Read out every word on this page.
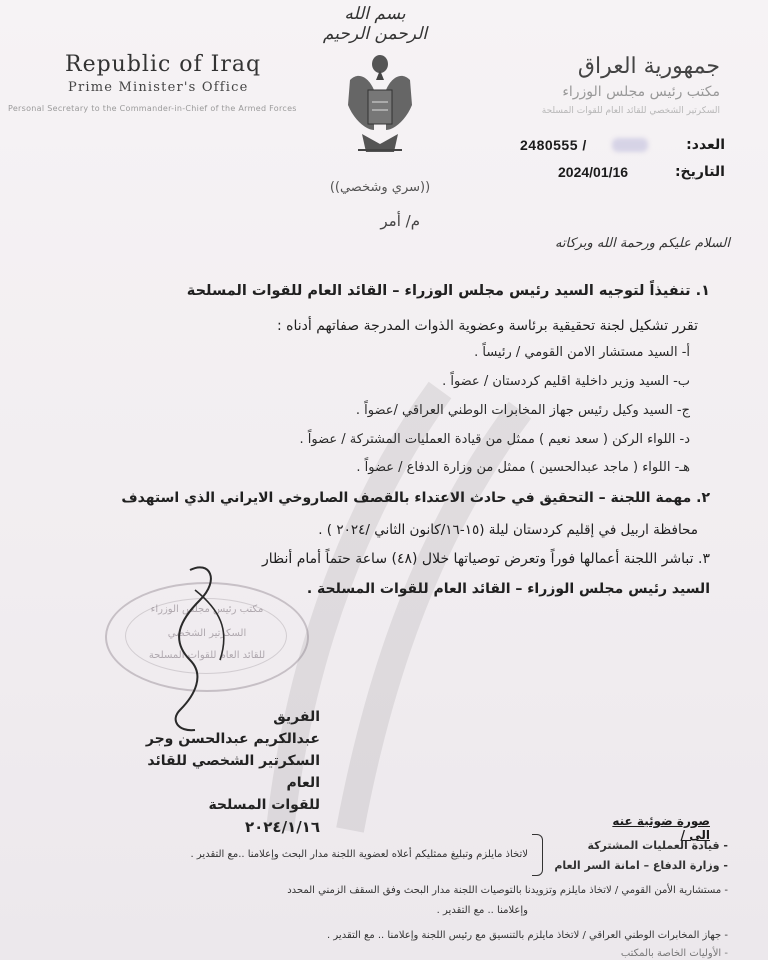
بسم الله الرحمن الرحيم
Republic of Iraq
Prime Minister's Office
Personal Secretary to the Commander-in-Chief of the Armed Forces
جمهورية العراق
مكتب رئيس مجلس الوزراء
السكرتير الشخصي للقائد العام للقوات المسلحة
2480555 /	العدد:
2024/01/16	التاريخ:
((سري وشخصي))
م/ أمر
السلام عليكم ورحمة الله وبركاته
١. تنفيذاً لتوجيه السيد رئيس مجلس الوزراء – القائد العام للقوات المسلحة
تقرر تشكيل لجنة تحقيقية برئاسة وعضوية الذوات المدرجة صفاتهم أدناه :
أ- السيد مستشار الامن القومي / رئيساً .
ب- السيد وزير داخلية اقليم كردستان / عضواً .
ج- السيد وكيل رئيس جهاز المخابرات الوطني العراقي /عضواً .
د- اللواء الركن ( سعد نعيم ) ممثل من قيادة العمليات المشتركة / عضواً .
هـ- اللواء ( ماجد عبدالحسين ) ممثل من وزارة الدفاع / عضواً .
٢. مهمة اللجنة – التحقيق في حادث الاعتداء بالقصف الصاروخي الايراني الذي استهدف
محافظة اربيل في إقليم كردستان ليلة (١٥-١٦/كانون الثاني /٢٠٢٤ ) .
٣. تباشر اللجنة أعمالها فوراً وتعرض توصياتها خلال (٤٨) ساعة حتماً أمام أنظار
السيد رئيس مجلس الوزراء – القائد العام للقوات المسلحة .
مكتب رئيس مجلس الوزراء
السكرتير الشخصي
للقائد العام للقوات المسلحة
الفريق
عبدالكريم عبدالحسن وجر
السكرتير الشخصي للقائد العام
للقوات المسلحة
٢٠٢٤/١/١٦	صورة ضوئية عنه الى /
- قيادة العمليات المشتركة
- وزارة الدفاع – امانة السر العام
لاتخاذ مايلزم وتبليغ ممثليكم أعلاه لعضوية اللجنة مدار البحث وإعلامنا ..مع التقدير .
- مستشارية الأمن القومي / لاتخاذ مايلزم وتزويدنا بالتوصيات اللجنة مدار البحث وفق السقف الزمني المحدد
وإعلامنا .. مع التقدير .
- جهاز المخابرات الوطني العراقي / لاتخاذ مايلزم بالتنسيق مع رئيس اللجنة وإعلامنا .. مع التقدير .
- الأوليات الخاصة بالمكتب
